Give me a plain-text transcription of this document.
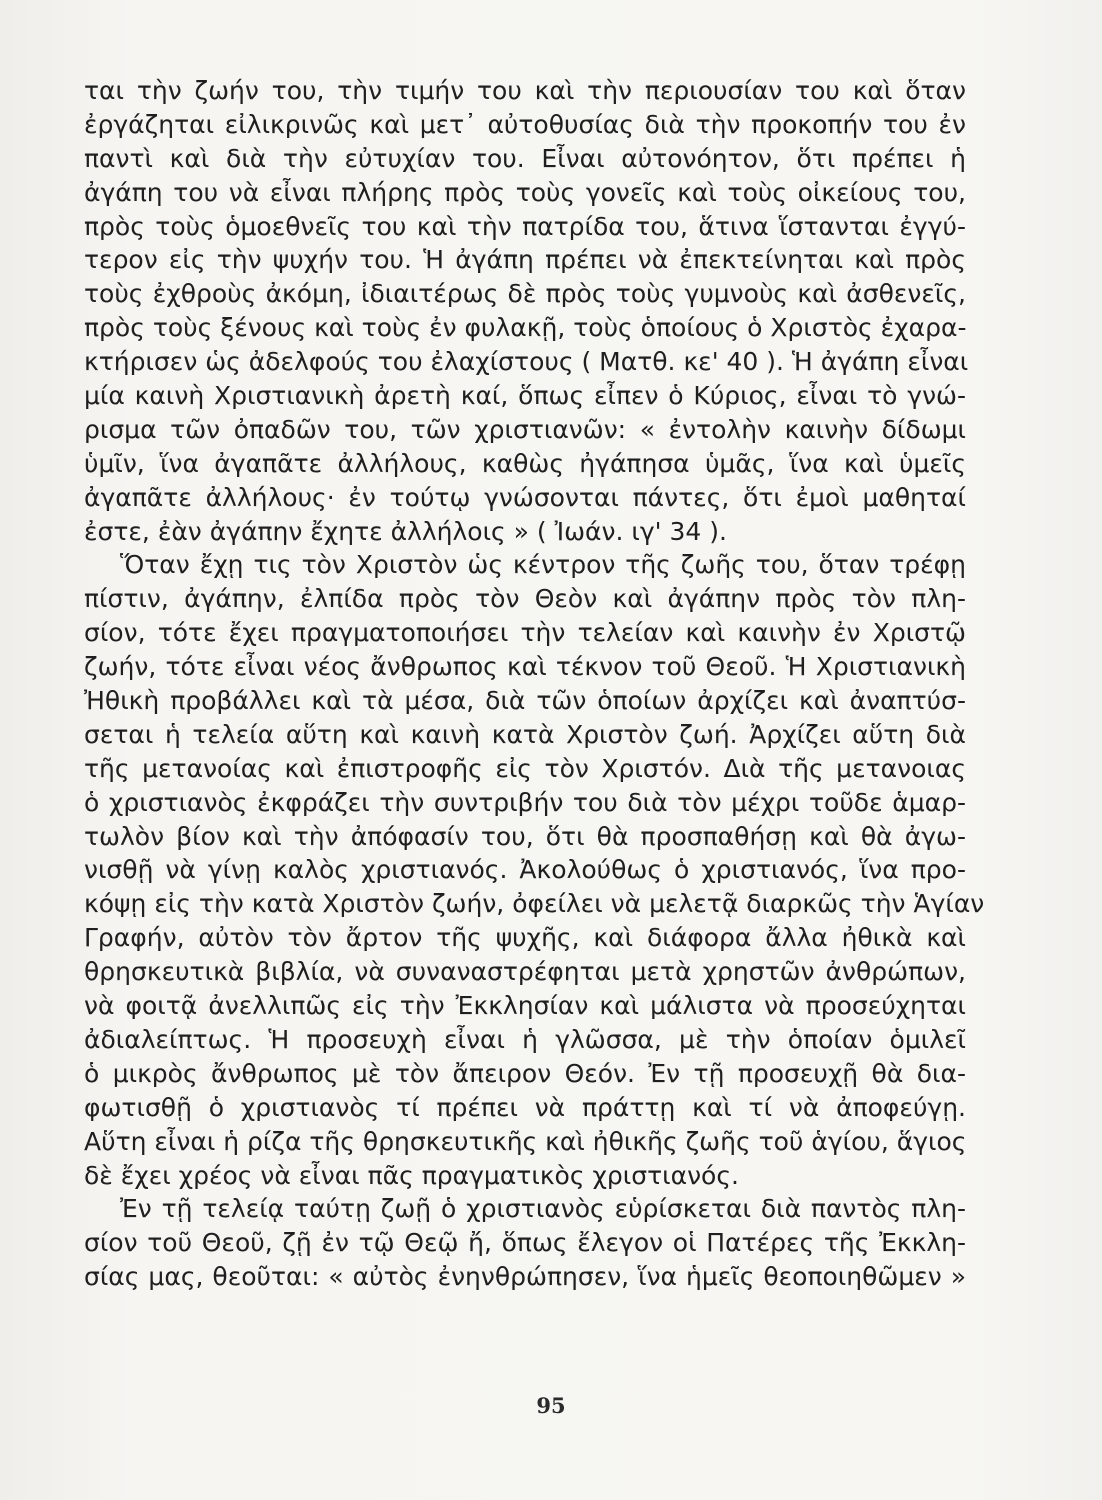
ται τὴν ζωήν του, τὴν τιμήν του καὶ τὴν περιουσίαν του καὶ ὅταν
ἐργάζηται εἰλικρινῶς καὶ μετ᾽ αὐτοθυσίας διὰ τὴν προκοπήν του ἐν
παντὶ καὶ διὰ τὴν εὐτυχίαν του. Εἶναι αὐτονόητον, ὅτι πρέπει ἡ
ἀγάπη του νὰ εἶναι πλήρης πρὸς τοὺς γονεῖς καὶ τοὺς οἰκείους του,
πρὸς τοὺς ὁμοεθνεῖς του καὶ τὴν πατρίδα του, ἅτινα ἵστανται ἐγγύ-
τερον εἰς τὴν ψυχήν του. Ἡ ἀγάπη πρέπει νὰ ἐπεκτείνηται καὶ πρὸς
τοὺς ἐχθροὺς ἀκόμη, ἰδιαιτέρως δὲ πρὸς τοὺς γυμνοὺς καὶ ἀσθενεῖς,
πρὸς τοὺς ξένους καὶ τοὺς ἐν φυλακῇ, τοὺς ὁποίους ὁ Χριστὸς ἐχαρα-
κτήρισεν ὡς ἀδελφούς του ἐλαχίστους ( Ματθ. κε' 40 ). Ἡ ἀγάπη εἶναι
μία καινὴ Χριστιανικὴ ἀρετὴ καί, ὅπως εἶπεν ὁ Κύριος, εἶναι τὸ γνώ-
ρισμα τῶν ὀπαδῶν του, τῶν χριστιανῶν: « ἐντολὴν καινὴν δίδωμι
ὑμῖν, ἵνα ἀγαπᾶτε ἀλλήλους, καθὼς ἠγάπησα ὑμᾶς, ἵνα καὶ ὑμεῖς
ἀγαπᾶτε ἀλλήλους· ἐν τούτῳ γνώσονται πάντες, ὅτι ἐμοὶ μαθηταί
ἐστε, ἐὰν ἀγάπην ἔχητε ἀλλήλοις » ( Ἰωάν. ιγ' 34 ).
Ὅταν ἔχῃ τις τὸν Χριστὸν ὡς κέντρον τῆς ζωῆς του, ὅταν τρέφῃ
πίστιν, ἀγάπην, ἐλπίδα πρὸς τὸν Θεὸν καὶ ἀγάπην πρὸς τὸν πλη-
σίον, τότε ἔχει πραγματοποιήσει τὴν τελείαν καὶ καινὴν ἐν Χριστῷ
ζωήν, τότε εἶναι νέος ἄνθρωπος καὶ τέκνον τοῦ Θεοῦ. Ἡ Χριστιανικὴ
Ἠθικὴ προβάλλει καὶ τὰ μέσα, διὰ τῶν ὁποίων ἀρχίζει καὶ ἀναπτύσ-
σεται ἡ τελεία αὕτη καὶ καινὴ κατὰ Χριστὸν ζωή. Ἀρχίζει αὕτη διὰ
τῆς μετανοίας καὶ ἐπιστροφῆς εἰς τὸν Χριστόν. Διὰ τῆς μετανοιας
ὁ χριστιανὸς ἐκφράζει τὴν συντριβήν του διὰ τὸν μέχρι τοῦδε ἁμαρ-
τωλὸν βίον καὶ τὴν ἀπόφασίν του, ὅτι θὰ προσπαθήσῃ καὶ θὰ ἀγω-
νισθῇ νὰ γίνῃ καλὸς χριστιανός. Ἀκολούθως ὁ χριστιανός, ἵνα προ-
κόψῃ εἰς τὴν κατὰ Χριστὸν ζωήν, ὀφείλει νὰ μελετᾷ διαρκῶς τὴν Ἁγίαν
Γραφήν, αὐτὸν τὸν ἄρτον τῆς ψυχῆς, καὶ διάφορα ἄλλα ἠθικὰ καὶ
θρησκευτικὰ βιβλία, νὰ συναναστρέφηται μετὰ χρηστῶν ἀνθρώπων,
νὰ φοιτᾷ ἀνελλιπῶς εἰς τὴν Ἐκκλησίαν καὶ μάλιστα νὰ προσεύχηται
ἀδιαλείπτως. Ἡ προσευχὴ εἶναι ἡ γλῶσσα, μὲ τὴν ὁποίαν ὁμιλεῖ
ὁ μικρὸς ἄνθρωπος μὲ τὸν ἄπειρον Θεόν. Ἐν τῇ προσευχῇ θὰ δια-
φωτισθῇ ὁ χριστιανὸς τί πρέπει νὰ πράττῃ καὶ τί νὰ ἀποφεύγῃ.
Αὕτη εἶναι ἡ ρίζα τῆς θρησκευτικῆς καὶ ἠθικῆς ζωῆς τοῦ ἁγίου, ἅγιος
δὲ ἔχει χρέος νὰ εἶναι πᾶς πραγματικὸς χριστιανός.
Ἐν τῇ τελείᾳ ταύτῃ ζωῇ ὁ χριστιανὸς εὑρίσκεται διὰ παντὸς πλη-
σίον τοῦ Θεοῦ, ζῇ ἐν τῷ Θεῷ ἤ, ὅπως ἔλεγον οἱ Πατέρες τῆς Ἐκκλη-
σίας μας, θεοῦται: « αὐτὸς ἐνηνθρώπησεν, ἵνα ἡμεῖς θεοποιηθῶμεν »
95
